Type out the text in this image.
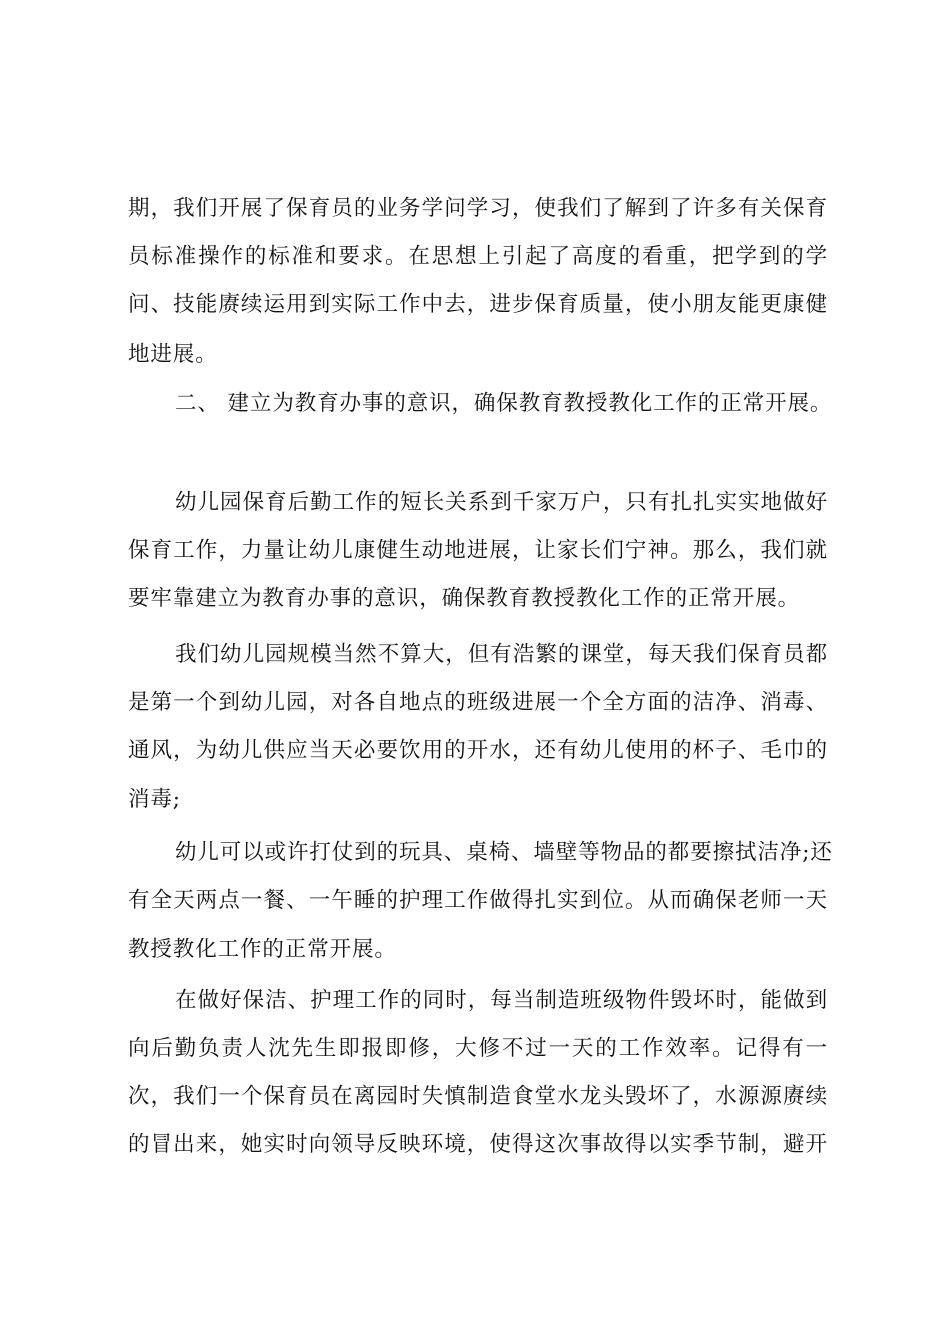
期，我们开展了保育员的业务学问学习，使我们了解到了许多有关保育
员标准操作的标准和要求。在思想上引起了高度的看重，把学到的学
问、技能赓续运用到实际工作中去，进步保育质量，使小朋友能更康健
地进展。
二、 建立为教育办事的意识，确保教育教授教化工作的正常开展。
幼儿园保育后勤工作的短长关系到千家万户，只有扎扎实实地做好
保育工作，力量让幼儿康健生动地进展，让家长们宁神。那么，我们就
要牢靠建立为教育办事的意识，确保教育教授教化工作的正常开展。
我们幼儿园规模当然不算大，但有浩繁的课堂，每天我们保育员都
是第一个到幼儿园，对各自地点的班级进展一个全方面的洁净、消毒、
通风，为幼儿供应当天必要饮用的开水，还有幼儿使用的杯子、毛巾的
消毒;
幼儿可以或许打仗到的玩具、桌椅、墙壁等物品的都要擦拭洁净;还
有全天两点一餐、一午睡的护理工作做得扎实到位。从而确保老师一天
教授教化工作的正常开展。
在做好保洁、护理工作的同时，每当制造班级物件毁坏时，能做到
向后勤负责人沈先生即报即修，大修不过一天的工作效率。记得有一
次，我们一个保育员在离园时失慎制造食堂水龙头毁坏了，水源源赓续
的冒出来，她实时向领导反映环境，使得这次事故得以实季节制，避开
